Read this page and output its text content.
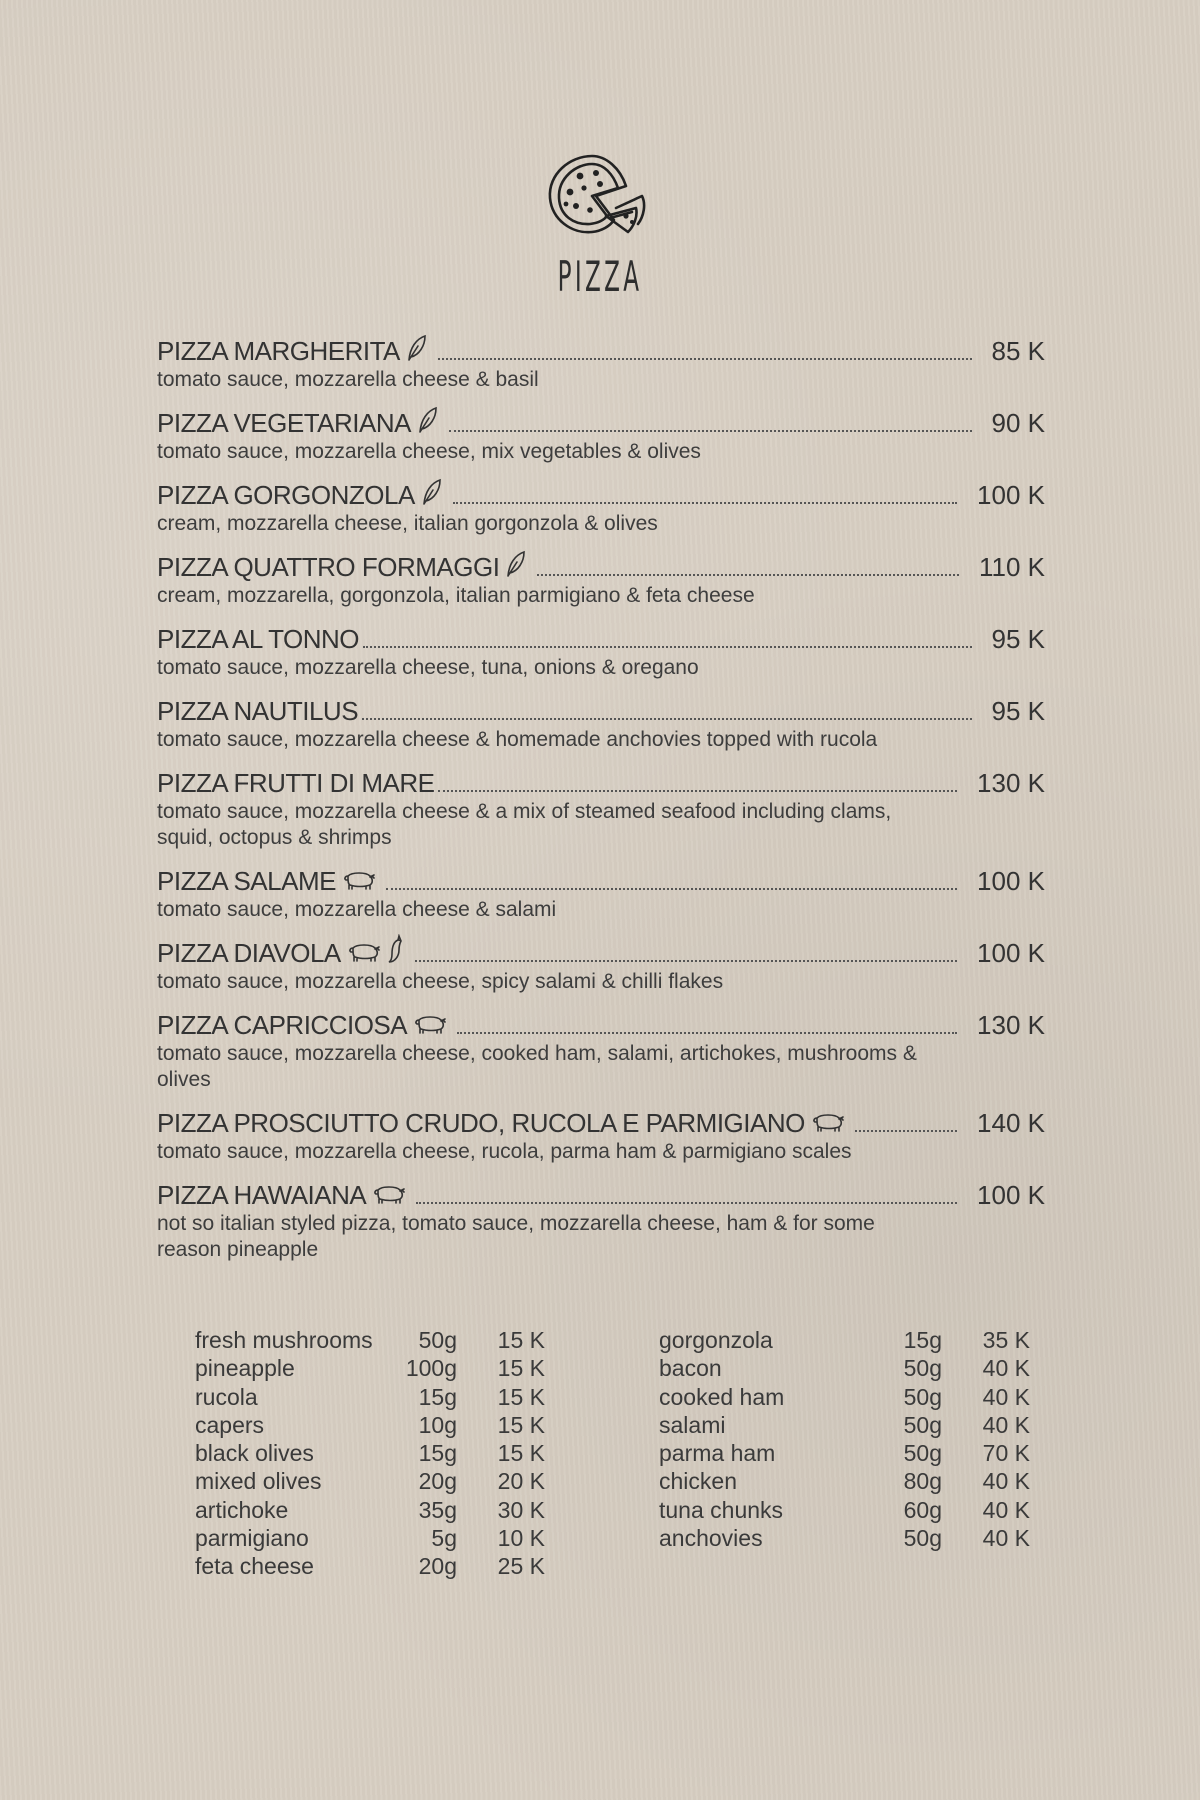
PIZZA
PIZZA MARGHERITA	85 K
tomato sauce, mozzarella cheese & basil
PIZZA VEGETARIANA	90 K
tomato sauce, mozzarella cheese, mix vegetables & olives
PIZZA GORGONZOLA	100 K
cream, mozzarella cheese, italian gorgonzola & olives
PIZZA QUATTRO FORMAGGI	110 K
cream, mozzarella, gorgonzola, italian parmigiano & feta cheese
PIZZA AL TONNO	95 K
tomato sauce, mozzarella cheese, tuna, onions & oregano
PIZZA NAUTILUS	95 K
tomato sauce, mozzarella cheese & homemade anchovies topped with rucola
PIZZA FRUTTI DI MARE	130 K
tomato sauce, mozzarella cheese & a mix of steamed seafood including clams, squid, octopus & shrimps
PIZZA SALAME	100 K
tomato sauce, mozzarella cheese & salami
PIZZA DIAVOLA	100 K
tomato sauce, mozzarella cheese, spicy salami & chilli flakes
PIZZA CAPRICCIOSA	130 K
tomato sauce, mozzarella cheese, cooked ham, salami, artichokes, mushrooms & olives
PIZZA PROSCIUTTO CRUDO, RUCOLA E PARMIGIANO	140 K
tomato sauce, mozzarella cheese, rucola, parma ham & parmigiano scales
PIZZA HAWAIANA	100 K
not so italian styled pizza, tomato sauce, mozzarella cheese, ham & for some reason pineapple
fresh mushrooms	50g	15 K
pineapple	100g	15 K
rucola	15g	15 K
capers	10g	15 K
black olives	15g	15 K
mixed olives	20g	20 K
artichoke	35g	30 K
parmigiano	5g	10 K
feta cheese	20g	25 K
gorgonzola	15g	35 K
bacon	50g	40 K
cooked ham	50g	40 K
salami	50g	40 K
parma ham	50g	70 K
chicken	80g	40 K
tuna chunks	60g	40 K
anchovies	50g	40 K
